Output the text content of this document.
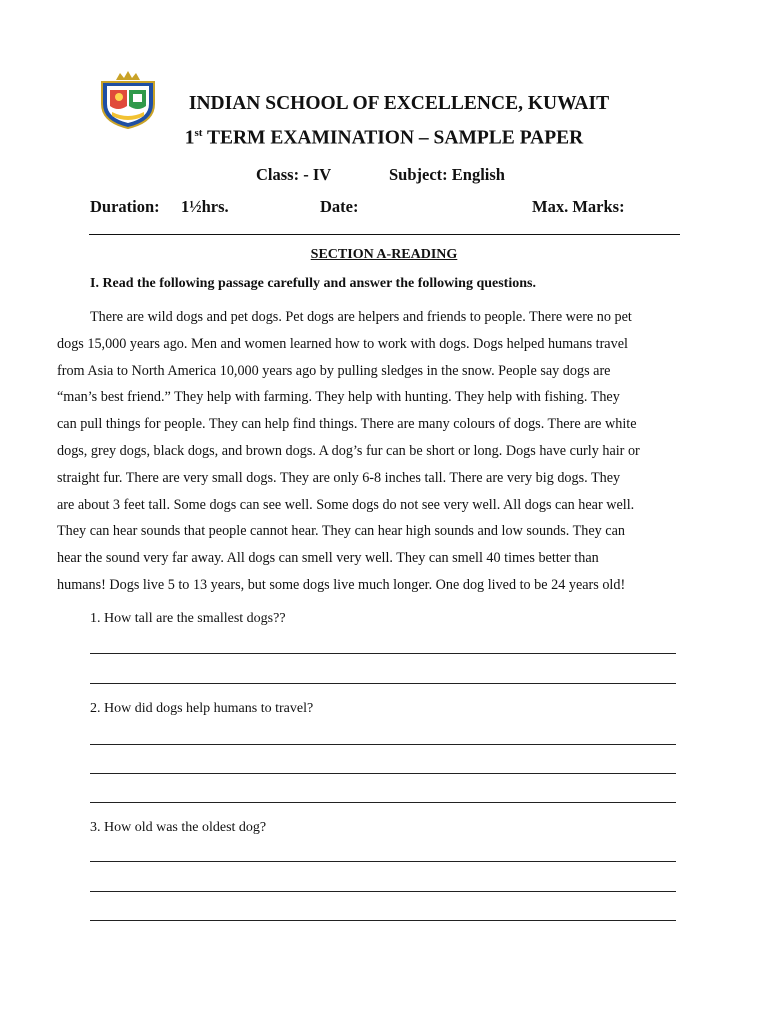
INDIAN SCHOOL OF EXCELLENCE, KUWAIT
1st TERM EXAMINATION – SAMPLE PAPER
Class: - IV	Subject: English
Duration: 1½hrs.	Date:	Max. Marks:
SECTION A-READING
I. Read the following passage carefully and answer the following questions.
There are wild dogs and pet dogs. Pet dogs are helpers and friends to people. There were no pet
dogs 15,000 years ago. Men and women learned how to work with dogs. Dogs helped humans travel
from Asia to North America 10,000 years ago by pulling sledges in the snow. People say dogs are
“man’s best friend.” They help with farming. They help with hunting. They help with fishing. They
can pull things for people. They can help find things. There are many colours of dogs. There are white
dogs, grey dogs, black dogs, and brown dogs. A dog’s fur can be short or long. Dogs have curly hair or
straight fur. There are very small dogs. They are only 6-8 inches tall. There are very big dogs. They
are about 3 feet tall. Some dogs can see well. Some dogs do not see very well. All dogs can hear well.
They can hear sounds that people cannot hear. They can hear high sounds and low sounds. They can
hear the sound very far away. All dogs can smell very well. They can smell 40 times better than
humans! Dogs live 5 to 13 years, but some dogs live much longer. One dog lived to be 24 years old!
1. How tall are the smallest dogs??
2. How did dogs help humans to travel?
3. How old was the oldest dog?
